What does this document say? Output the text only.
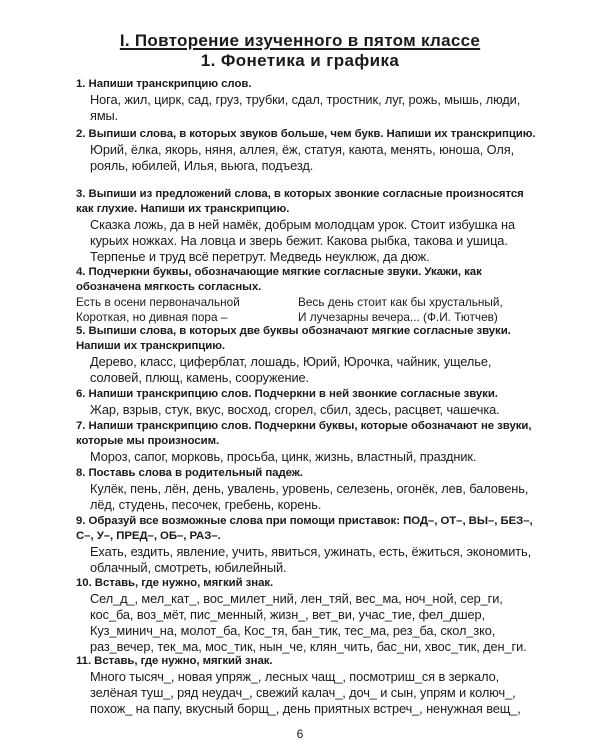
I. Повторение изученного в пятом классе
1. Фонетика и графика
1. Напиши транскрипцию слов.
Нога, жил, цирк, сад, груз, трубки, сдал, тростник, луг, рожь, мышь, люди, ямы.
2. Выпиши слова, в которых звуков больше, чем букв. Напиши их транскрипцию.
Юрий, ёлка, якорь, няня, аллея, ёж, статуя, каюта, менять, юноша, Оля, рояль, юбилей, Илья, вьюга, подъезд.
3. Выпиши из предложений слова, в которых звонкие согласные произносятся как глухие. Напиши их транскрипцию.
Сказка ложь, да в ней намёк, добрым молодцам урок. Стоит избушка на курьих ножках. На ловца и зверь бежит. Какова рыбка, такова и ушица. Терпенье и труд всё перетрут. Медведь неуклюж, да дюж.
4. Подчеркни буквы, обозначающие мягкие согласные звуки. Укажи, как обозначена мягкость согласных.
Есть в осени первоначальной
Короткая, но дивная пора –
Весь день стоит как бы хрустальный,
И лучезарны вечера... (Ф.И. Тютчев)
5. Выпиши слова, в которых две буквы обозначают мягкие согласные звуки. Напиши их транскрипцию.
Дерево, класс, циферблат, лошадь, Юрий, Юрочка, чайник, ущелье, соловей, плющ, камень, сооружение.
6. Напиши транскрипцию слов. Подчеркни в ней звонкие согласные звуки.
Жар, взрыв, стук, вкус, восход, сгорел, сбил, здесь, расцвет, чашечка.
7. Напиши транскрипцию слов. Подчеркни буквы, которые обозначают не звуки, которые мы произносим.
Мороз, сапог, морковь, просьба, цинк, жизнь, властный, праздник.
8. Поставь слова в родительный падеж.
Кулёк, пень, лён, день, увалень, уровень, селезень, огонёк, лев, баловень, лёд, студень, песочек, гребень, корень.
9. Образуй все возможные слова при помощи приставок: ПОД–, ОТ–, ВЫ–, БЕЗ–, С–, У–, ПРЕД–, ОБ–, РАЗ–.
Ехать, ездить, явление, учить, явиться, ужинать, есть, ёжиться, экономить, облачный, смотреть, юбилейный.
10. Вставь, где нужно, мягкий знак.
Сел_д_, мел_кат_, вос_милет_ний, лен_тяй, вес_ма, ноч_ной, сер_ги, кос_ба, воз_мёт, пис_менный, жизн_, вет_ви, учас_тие, фел_дшер, Куз_минич_на, молот_ба, Кос_тя, бан_тик, тес_ма, рез_ба, скол_зко, раз_вечер, тек_ма, мос_тик, нын_че, клян_чить, бас_ни, хвос_тик, ден_ги.
11. Вставь, где нужно, мягкий знак.
Много тысяч_, новая упряж_, лесных чащ_, посмотриш_ся в зеркало, зелёная туш_, ряд неудач_, свежий калач_, доч_ и сын, упрям и колюч_, похож_ на папу, вкусный борщ_, день приятных встреч_, ненужная вещ_,
6
